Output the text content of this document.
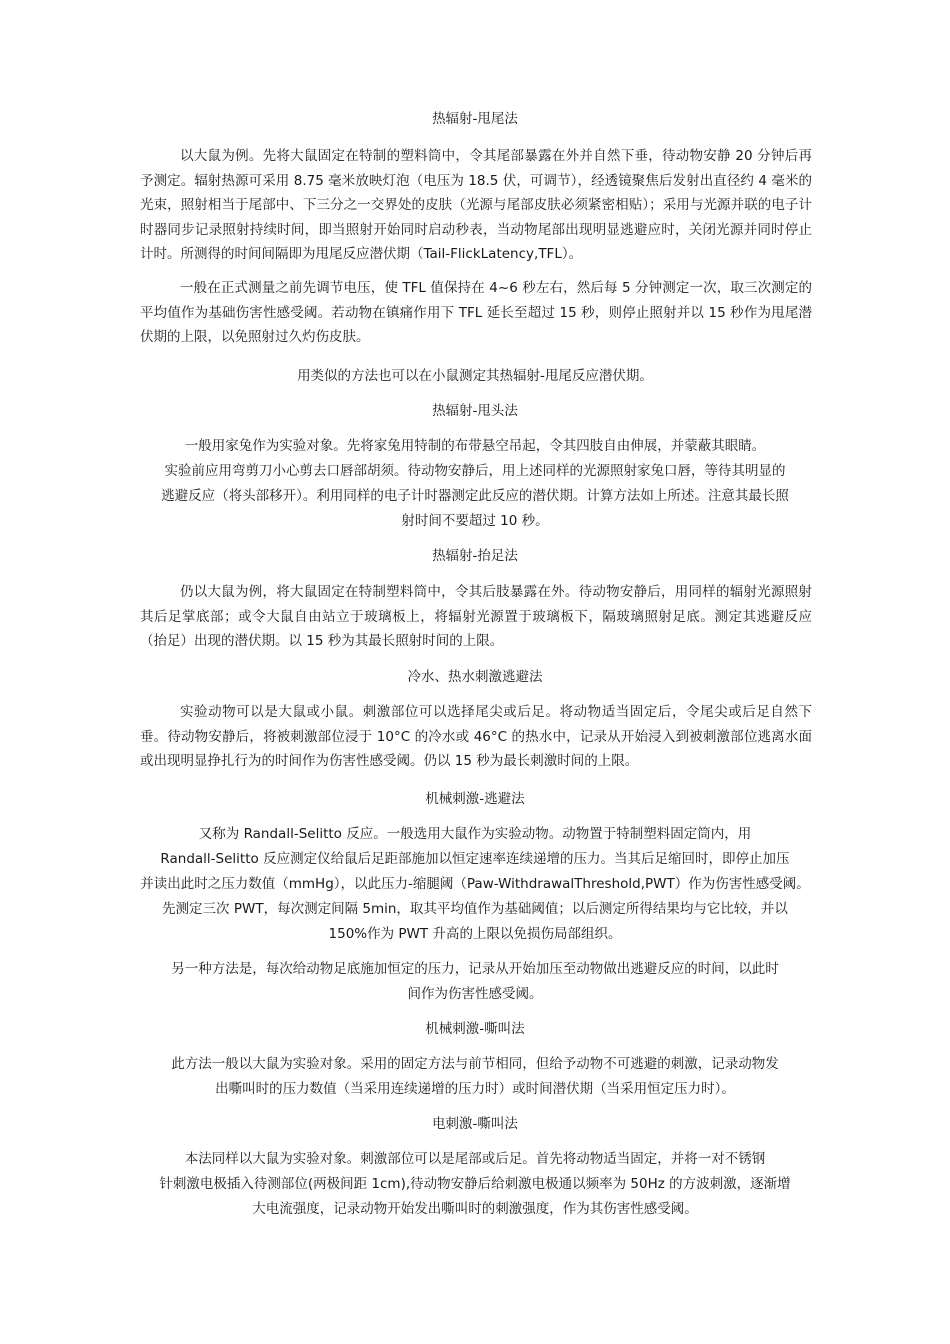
热辐射-甩尾法
以大鼠为例。先将大鼠固定在特制的塑料筒中，令其尾部暴露在外并自然下垂，待动物安静 20 分钟后再予测定。辐射热源可采用 8.75 毫米放映灯泡（电压为 18.5 伏，可调节），经透镜聚焦后发射出直径约 4 毫米的光束，照射相当于尾部中、下三分之一交界处的皮肤（光源与尾部皮肤必须紧密相贴）；采用与光源并联的电子计时器同步记录照射持续时间，即当照射开始同时启动秒表，当动物尾部出现明显逃避应时，关闭光源并同时停止计时。所测得的时间间隔即为甩尾反应潜伏期（Tail-FlickLatency,TFL）。
一般在正式测量之前先调节电压，使 TFL 值保持在 4~6 秒左右，然后每 5 分钟测定一次，取三次测定的平均值作为基础伤害性感受阈。若动物在镇痛作用下 TFL 延长至超过 15 秒，则停止照射并以 15 秒作为甩尾潜伏期的上限，以免照射过久灼伤皮肤。
用类似的方法也可以在小鼠测定其热辐射-甩尾反应潜伏期。
热辐射-甩头法
一般用家兔作为实验对象。先将家兔用特制的布带悬空吊起，令其四肢自由伸展，并蒙蔽其眼睛。
实验前应用弯剪刀小心剪去口唇部胡须。待动物安静后，用上述同样的光源照射家兔口唇，等待其明显的
逃避反应（将头部移开）。利用同样的电子计时器测定此反应的潜伏期。计算方法如上所述。注意其最长照
射时间不要超过 10 秒。
热辐射-抬足法
仍以大鼠为例，将大鼠固定在特制塑料筒中，令其后肢暴露在外。待动物安静后，用同样的辐射光源照射其后足掌底部；或令大鼠自由站立于玻璃板上，将辐射光源置于玻璃板下，隔玻璃照射足底。测定其逃避反应（抬足）出现的潜伏期。以 15 秒为其最长照射时间的上限。
冷水、热水刺激逃避法
实验动物可以是大鼠或小鼠。刺激部位可以选择尾尖或后足。将动物适当固定后，令尾尖或后足自然下垂。待动物安静后，将被刺激部位浸于 10°C 的冷水或 46°C 的热水中，记录从开始浸入到被刺激部位逃离水面或出现明显挣扎行为的时间作为伤害性感受阈。仍以 15 秒为最长刺激时间的上限。
机械刺激-逃避法
又称为 Randall-Selitto 反应。一般选用大鼠作为实验动物。动物置于特制塑料固定筒内，用
Randall-Selitto 反应测定仪给鼠后足距部施加以恒定速率连续递增的压力。当其后足缩回时，即停止加压
并读出此时之压力数值（mmHg），以此压力-缩腿阈（Paw-WithdrawalThreshold,PWT）作为伤害性感受阈。
先测定三次 PWT，每次测定间隔 5min，取其平均值作为基础阈值；以后测定所得结果均与它比较，并以
150%作为 PWT 升高的上限以免损伤局部组织。
另一种方法是，每次给动物足底施加恒定的压力，记录从开始加压至动物做出逃避反应的时间，以此时
间作为伤害性感受阈。
机械刺激-嘶叫法
此方法一般以大鼠为实验对象。采用的固定方法与前节相同，但给予动物不可逃避的刺激，记录动物发
出嘶叫时的压力数值（当采用连续递增的压力时）或时间潜伏期（当采用恒定压力时）。
电刺激-嘶叫法
本法同样以大鼠为实验对象。刺激部位可以是尾部或后足。首先将动物适当固定，并将一对不锈钢
针刺激电极插入待测部位(两极间距 1cm),待动物安静后给刺激电极通以频率为 50Hz 的方波刺激，逐渐增
大电流强度，记录动物开始发出嘶叫时的刺激强度，作为其伤害性感受阈。
